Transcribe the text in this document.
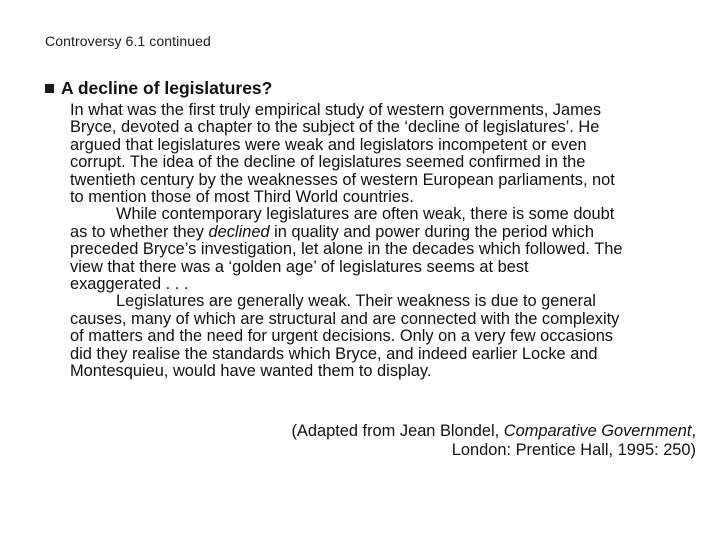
Controversy 6.1 continued
A decline of legislatures?
In what was the first truly empirical study of western governments, James
Bryce, devoted a chapter to the subject of the ‘decline of legislatures’. He
argued that legislatures were weak and legislators incompetent or even
corrupt. The idea of the decline of legislatures seemed confirmed in the
twentieth century by the weaknesses of western European parliaments, not
to mention those of most Third World countries.
While contemporary legislatures are often weak, there is some doubt
as to whether they declined in quality and power during the period which
preceded Bryce’s investigation, let alone in the decades which followed. The
view that there was a ‘golden age’ of legislatures seems at best
exaggerated . . .
Legislatures are generally weak. Their weakness is due to general
causes, many of which are structural and are connected with the complexity
of matters and the need for urgent decisions. Only on a very few occasions
did they realise the standards which Bryce, and indeed earlier Locke and
Montesquieu, would have wanted them to display.
(Adapted from Jean Blondel, Comparative Government,
London: Prentice Hall, 1995: 250)
